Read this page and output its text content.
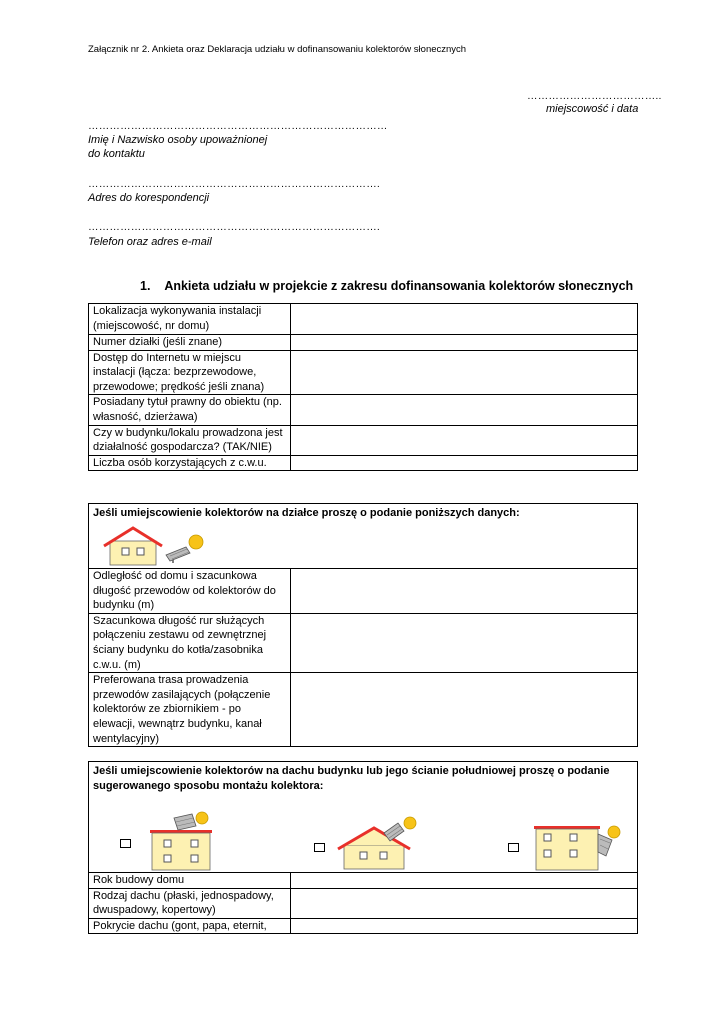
Załącznik nr 2. Ankieta oraz Deklaracja udziału w dofinansowaniu kolektorów słonecznych
………………………………..
miejscowość i data
…………………………………………………………………………
Imię i Nazwisko osoby upoważnionej
do kontaktu
……………………………………………………………………….
Adres do korespondencji
……………………………………………………………………….
Telefon oraz adres e-mail
1.    Ankieta udziału w projekcie z zakresu dofinansowania kolektorów słonecznych
Lokalizacja wykonywania instalacji (miejscowość, nr domu)	
Numer działki (jeśli znane)	
Dostęp do Internetu w miejscu instalacji (łącza: bezprzewodowe, przewodowe; prędkość jeśli znana)	
Posiadany tytuł prawny do obiektu (np. własność, dzierżawa)	
Czy w budynku/lokalu prowadzona jest działalność gospodarcza? (TAK/NIE)	
Liczba osób korzystających z c.w.u.	
Jeśli umiejscowienie kolektorów na działce proszę o podanie poniższych danych:
Odległość od domu i szacunkowa długość przewodów od kolektorów do budynku (m)	
Szacunkowa długość rur służących połączeniu zestawu od zewnętrznej ściany budynku do kotła/zasobnika c.w.u. (m)	
Preferowana trasa prowadzenia przewodów zasilających (połączenie kolektorów ze zbiornikiem - po elewacji, wewnątrz budynku, kanał wentylacyjny)	
Jeśli umiejscowienie kolektorów na dachu budynku lub jego ścianie południowej proszę o podanie sugerowanego sposobu montażu kolektora:
Rok budowy domu	
Rodzaj dachu (płaski, jednospadowy, dwuspadowy, kopertowy)	
Pokrycie dachu (gont, papa, eternit,	
